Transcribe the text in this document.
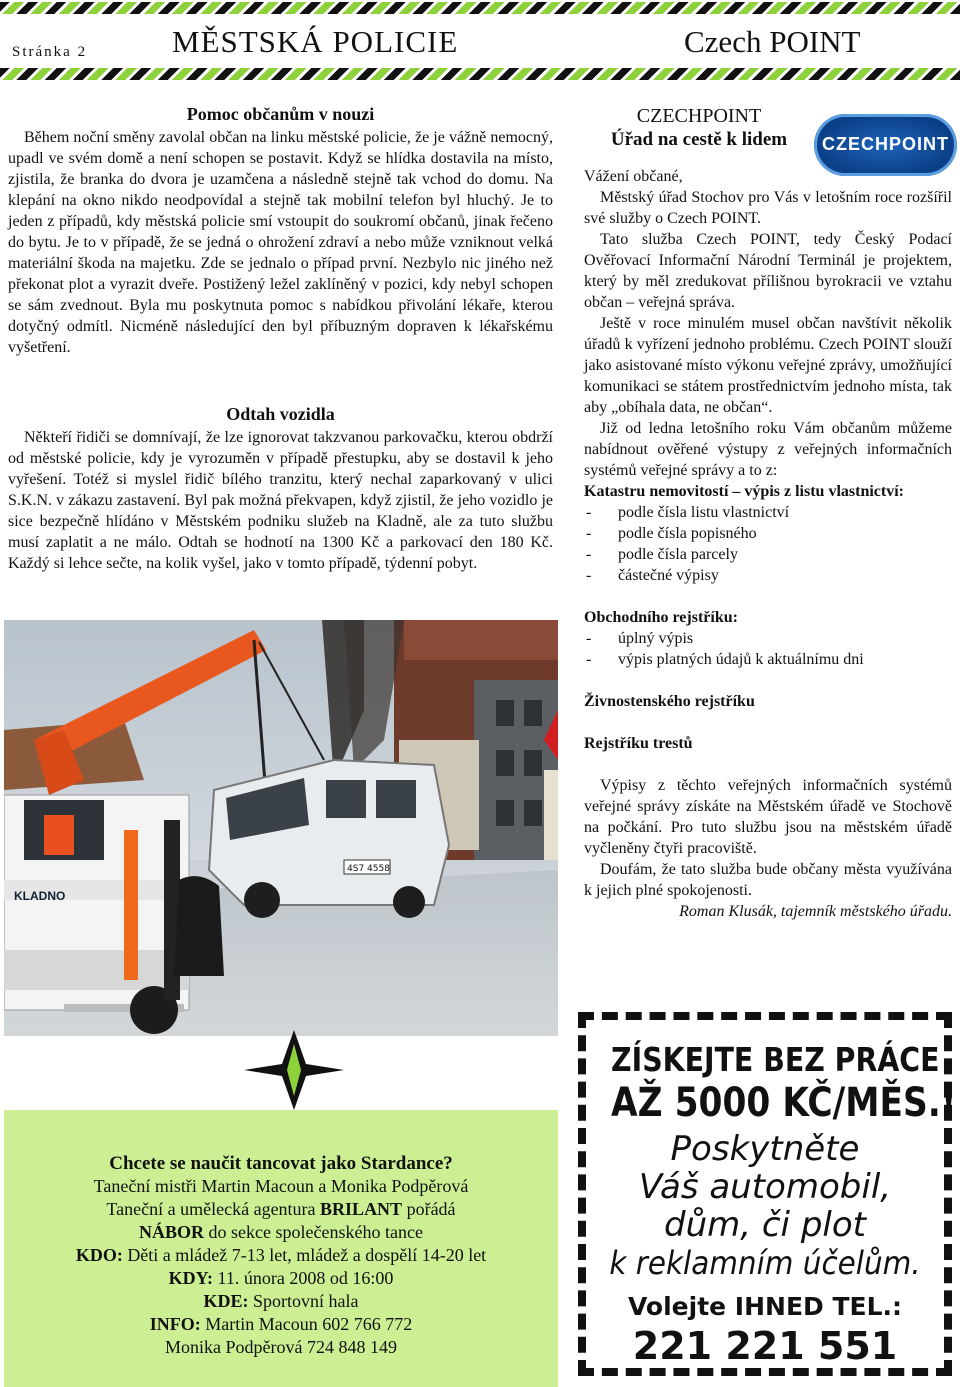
Stránka 2	MĚSTSKÁ POLICIE	Czech POINT
Pomoc občanům v nouzi

Během noční směny zavolal občan na linku městské policie, že je vážně nemocný, upadl ve svém domě a není schopen se postavit. Když se hlídka dostavila na místo, zjistila, že branka do dvora je uzamčena a následně stejně tak vchod do domu. Na klepání na okno nikdo neodpovídal a stejně tak mobilní telefon byl hluchý. Je to jeden z případů, kdy městská policie smí vstoupit do soukromí občanů, jinak řečeno do bytu. Je to v případě, že se jedná o ohrožení zdraví a nebo může vzniknout velká materiální škoda na majetku. Zde se jednalo o případ první. Nezbylo nic jiného než překonat plot a vyrazit dveře. Postižený ležel zaklíněný v pozici, kdy nebyl schopen se sám zvednout. Byla mu poskytnuta pomoc s nabídkou přivolání lékaře, kterou dotyčný odmítl. Nicméně následující den byl příbuzným dopraven k lékařskému vyšetření.

Odtah vozidla

Někteří řidiči se domnívají, že lze ignorovat takzvanou parkovačku, kterou obdrží od městské policie, kdy je vyrozuměn v případě přestupku, aby se dostavil k jeho vyřešení. Totéž si myslel řidič bílého tranzitu, který nechal zaparkovaný v ulici S.K.N. v zákazu zastavení. Byl pak možná překvapen, když zjistil, že jeho vozidlo je sice bezpečně hlídáno v Městském podniku služeb na Kladně, ale za tuto službu musí zaplatit a ne málo. Odtah se hodnotí na 1300 Kč a parkovací den 180 Kč. Každý si lehce sečte, na kolik vyšel, jako v tomto případě, týdenní pobyt.

4S7 4558
KLADNO
CZECHPOINT
Úřad na cestě k lidem

Vážení občané,

Městský úřad Stochov pro Vás v letošním roce rozšířil své služby o Czech POINT.

Tato služba Czech POINT, tedy Český Podací Ověřovací Informační Národní Terminál je projektem, který by měl zredukovat přílišnou byrokracii ve vztahu občan – veřejná správa.

Ještě v roce minulém musel občan navštívit několik úřadů k vyřízení jednoho problému. Czech POINT slouží jako asistované místo výkonu veřejné zprávy, umožňující komunikaci se státem prostřednictvím jednoho místa, tak aby „obíhala data, ne občan“.

Již od ledna letošního roku Vám občanům můžeme nabídnout ověřené výstupy z veřejných informačních systémů veřejné správy a to z:

Katastru nemovitostí – výpis z listu vlastnictví:

- podle čísla listu vlastnictví
- podle čísla popisného
- podle čísla parcely
- částečné výpisy

Obchodního rejstříku:

- úplný výpis
- výpis platných údajů k aktuálnímu dni

Živnostenského rejstříku

Rejstříku trestů

Výpisy z těchto veřejných informačních systémů veřejné správy získáte na Městském úřadě ve Stochově na počkání. Pro tuto službu jsou na městském úřadě vyčleněny čtyři pracoviště.

Doufám, že tato služba bude občany města využívána k jejich plné spokojenosti.

Roman Klusák, tajemník městského úřadu.

CZECHPOINT
Chcete se naučit tancovat jako Stardance?
Taneční mistři Martin Macoun a Monika Podpěrová
Taneční a umělecká agentura BRILANT pořádá
NÁBOR do sekce společenského tance
KDO: Děti a mládež 7-13 let, mládež a dospělí 14-20 let
KDY: 11. února 2008 od 16:00
KDE: Sportovní hala
INFO: Martin Macoun 602 766 772
Monika Podpěrová 724 848 149
ZÍSKEJTE BEZ PRÁCE
AŽ 5000 KČ/MĚS.!
Poskytněte
Váš automobil,
dům, či plot
k reklamním účelům.
Volejte IHNED TEL.:
221 221 551
